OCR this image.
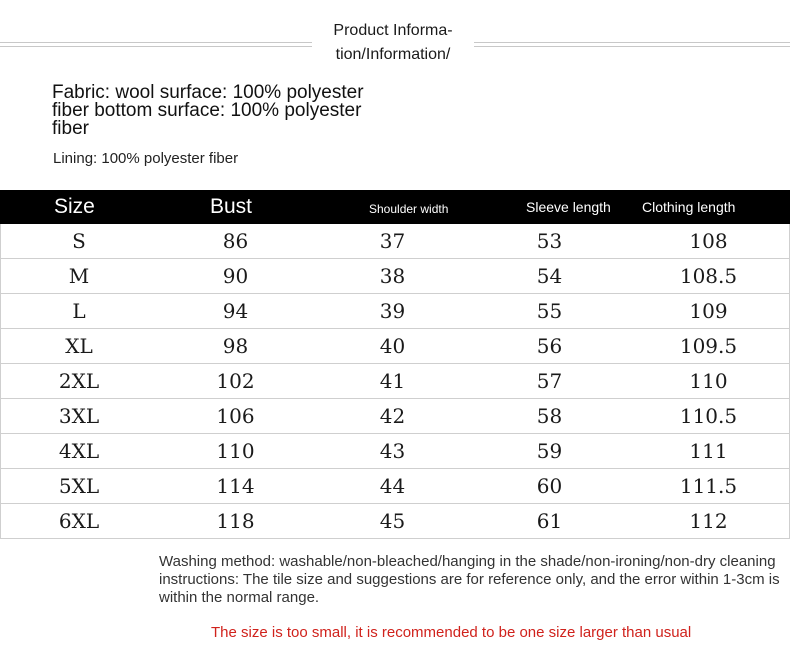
Product Informa-
tion/Information/
Fabric: wool surface: 100% polyester fiber bottom surface: 100% polyester fiber
Lining: 100% polyester fiber
Size	Bust	Shoulder width	Sleeve length	Clothing length
S	86	37	53	108
M	90	38	54	108.5
L	94	39	55	109
XL	98	40	56	109.5
2XL	102	41	57	110
3XL	106	42	58	110.5
4XL	110	43	59	111
5XL	114	44	60	111.5
6XL	118	45	61	112
Washing method: washable/non-bleached/hanging in the shade/non-ironing/non-dry cleaning instructions: The tile size and suggestions are for reference only, and the error within 1-3cm is within the normal range.
The size is too small, it is recommended to be one size larger than usual
